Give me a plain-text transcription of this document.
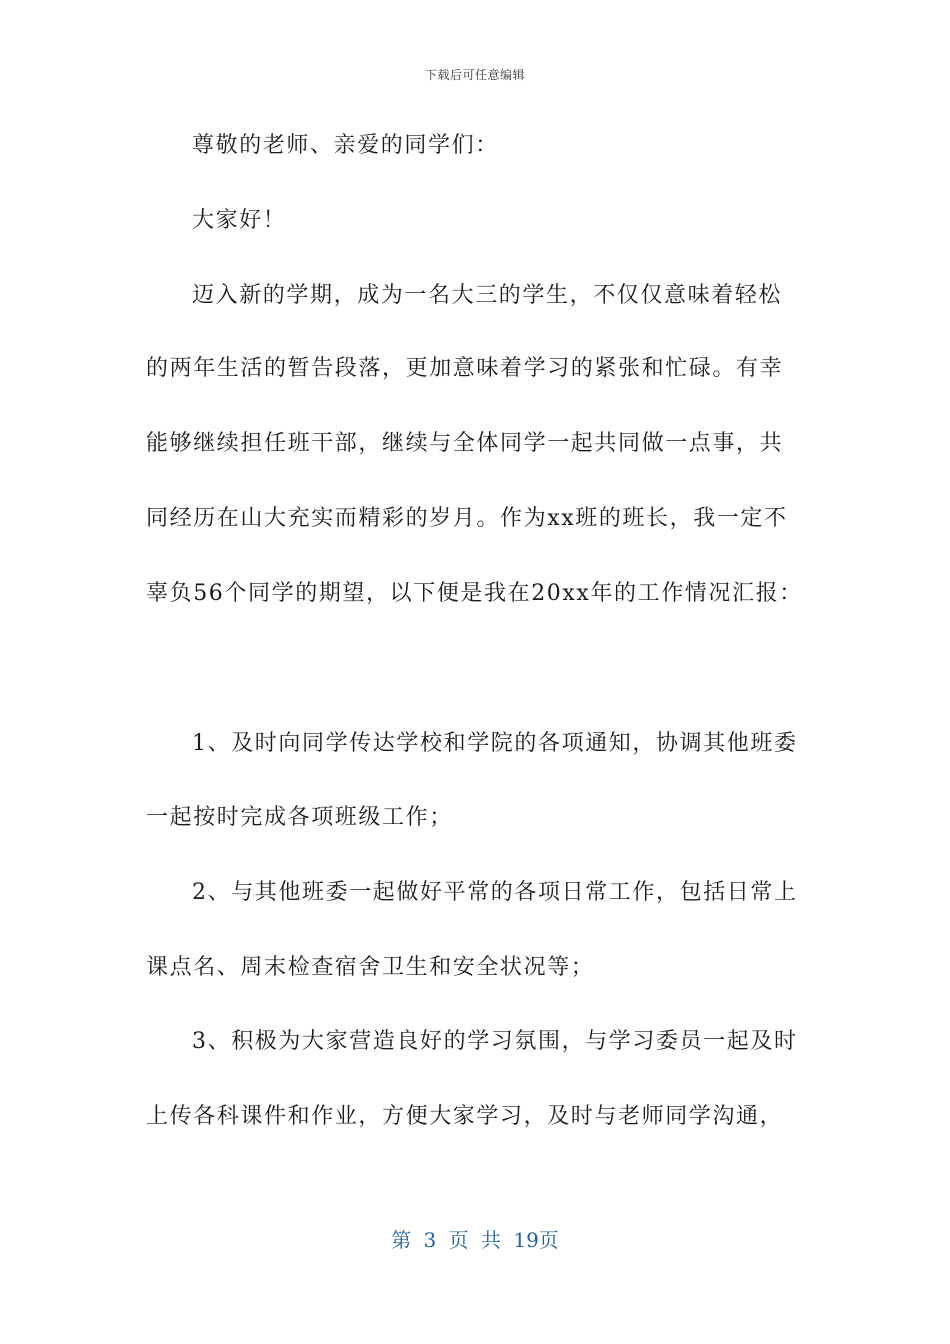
下载后可任意编辑
尊敬的老师、亲爱的同学们：
大家好！
迈入新的学期，成为一名大三的学生，不仅仅意味着轻松
的两年生活的暂告段落，更加意味着学习的紧张和忙碌。有幸
能够继续担任班干部，继续与全体同学一起共同做一点事，共
同经历在山大充实而精彩的岁月。作为xx班的班长，我一定不
辜负56个同学的期望，以下便是我在20xx年的工作情况汇报：
1、及时向同学传达学校和学院的各项通知，协调其他班委
一起按时完成各项班级工作；
2、与其他班委一起做好平常的各项日常工作，包括日常上
课点名、周末检查宿舍卫生和安全状况等；
3、积极为大家营造良好的学习氛围，与学习委员一起及时
上传各科课件和作业，方便大家学习，及时与老师同学沟通，
第 3 页 共 19页
